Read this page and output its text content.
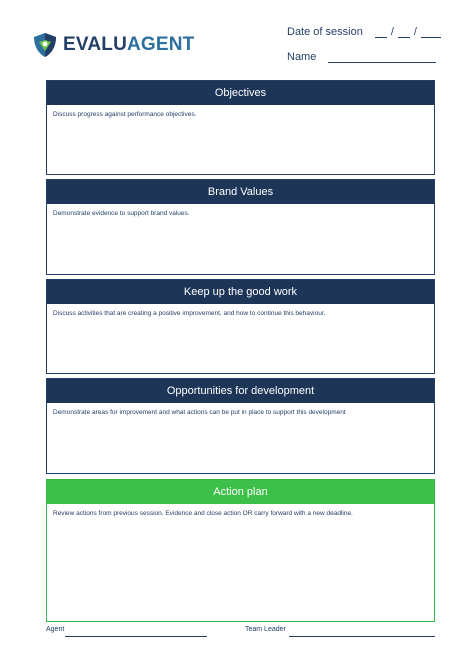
EVALUAGENT
Date of session	/ /
Name
Objectives
Discuss progress against performance objectives.
Brand Values
Demonstrate evidence to support brand values.
Keep up the good work
Discuss activities that are creating a positive improvement, and how to continue this behaviour.
Opportunities for development
Demonstrate areas for improvement and what actions can be put in place to support this development
Action plan
Review actions from previous session. Evidence and close action OR carry forward with a new deadline.
Agent	Team Leader
